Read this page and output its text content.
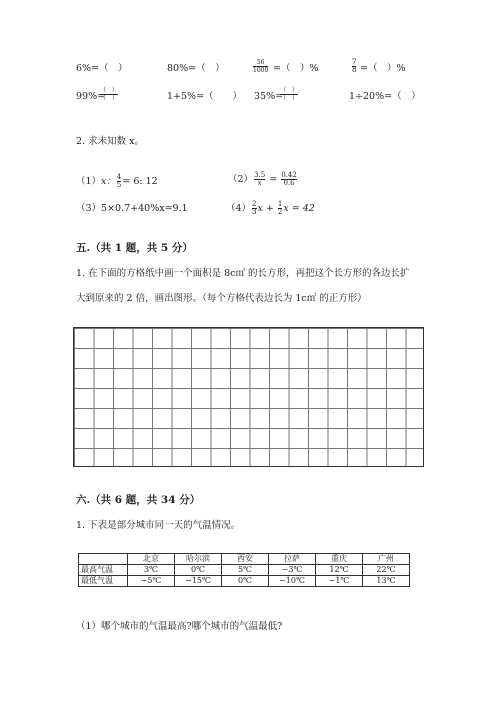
6%=（　）	80%=（　）
56
1000 =（　）%
7
8 =（　）%
99%=
（　）
（　）	1+5%=（　　） 35%=
（　）
（　）	1÷20%=（　）
2. 求未知数 x。
（1）x： $\frac{4}{5} = 6$: 12	$(2) \frac{3.5}{x} = \frac{0.42}{0.6}$
（3）5×0.7+40%x=9.1	$(4) \frac{2}{3}$ $x + \frac{1}{2}$ x = 42
五.（共 1 题，共 5 分）
1. 在下面的方格纸中画一个面积是 8c㎡ 的长方形，再把这个长方形的各边长扩
大到原来的 2 倍，画出图形。（每个方格代表边长为 1c㎡ 的正方形）
六.（共 6 题，共 34 分）
1. 下表是部分城市同一天的气温情况。
	北京	哈尔滨	西安	拉萨	重庆	广州
最高气温	3℃	0℃	5℃	−3℃	12℃	22℃
最低气温	−5℃	−15℃	0℃	−10℃	−1℃	13℃
（1）哪个城市的气温最高?哪个城市的气温最低?
